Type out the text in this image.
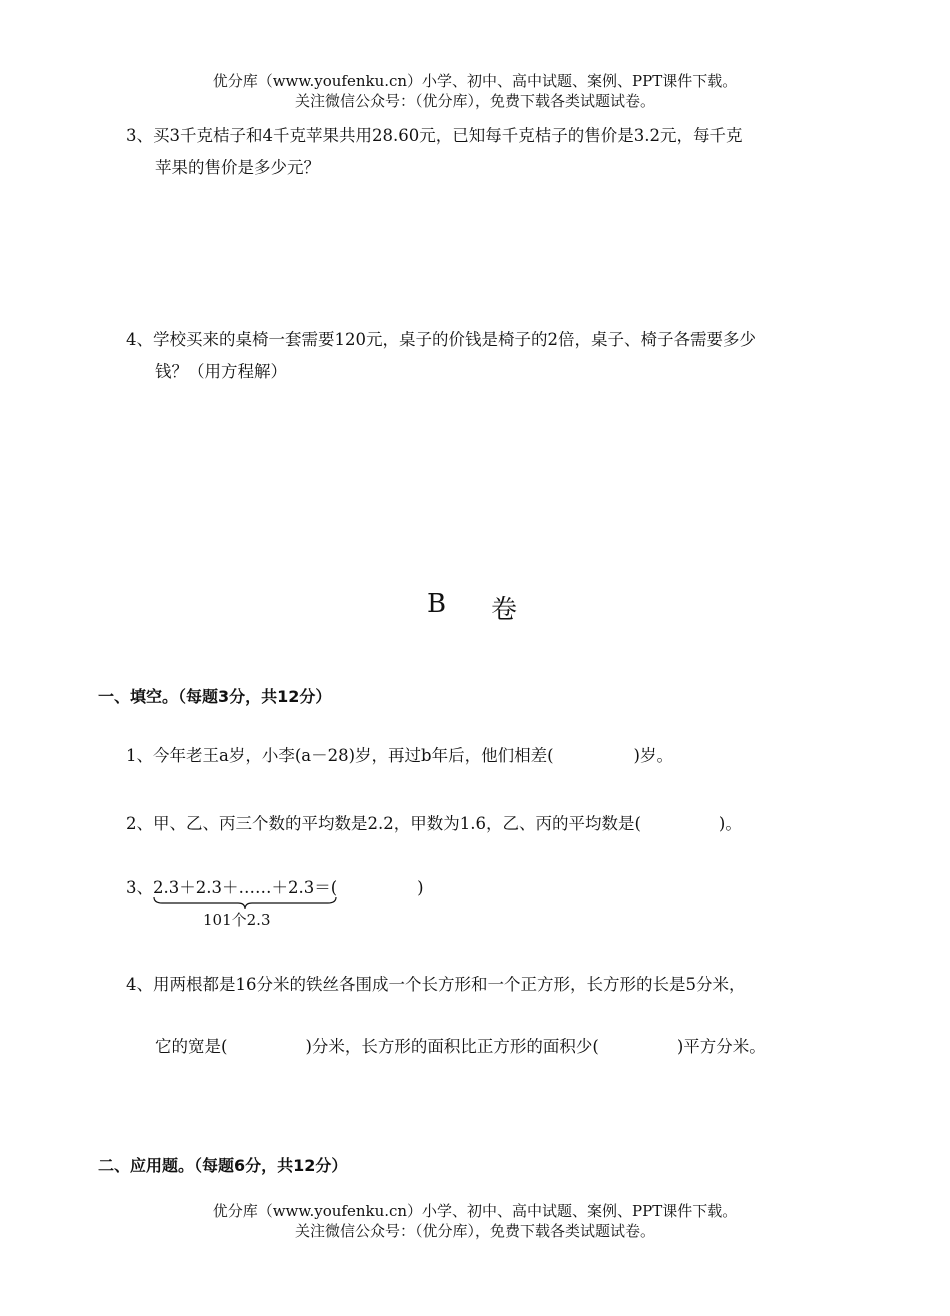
优分库（www.youfenku.cn）小学、初中、高中试题、案例、PPT课件下载。
关注微信公众号：（优分库），免费下载各类试题试卷。
3、买3千克桔子和4千克苹果共用28.60元，已知每千克桔子的售价是3.2元，每千克
苹果的售价是多少元？
4、学校买来的桌椅一套需要120元，桌子的价钱是椅子的2倍，桌子、椅子各需要多少
钱？（用方程解）
B 卷
一、填空。（每题3分，共12分）
1、今年老王a岁，小李(a－28)岁，再过b年后，他们相差(	)岁。
2、甲、乙、丙三个数的平均数是2.2，甲数为1.6，乙、丙的平均数是(	)。
3、2.3＋2.3＋……＋2.3＝(	)
101个2.3
4、用两根都是16分米的铁丝各围成一个长方形和一个正方形，长方形的长是5分米，
它的宽是(	)分米，长方形的面积比正方形的面积少(	)平方分米。
二、应用题。（每题6分，共12分）
优分库（www.youfenku.cn）小学、初中、高中试题、案例、PPT课件下载。
关注微信公众号：（优分库），免费下载各类试题试卷。
